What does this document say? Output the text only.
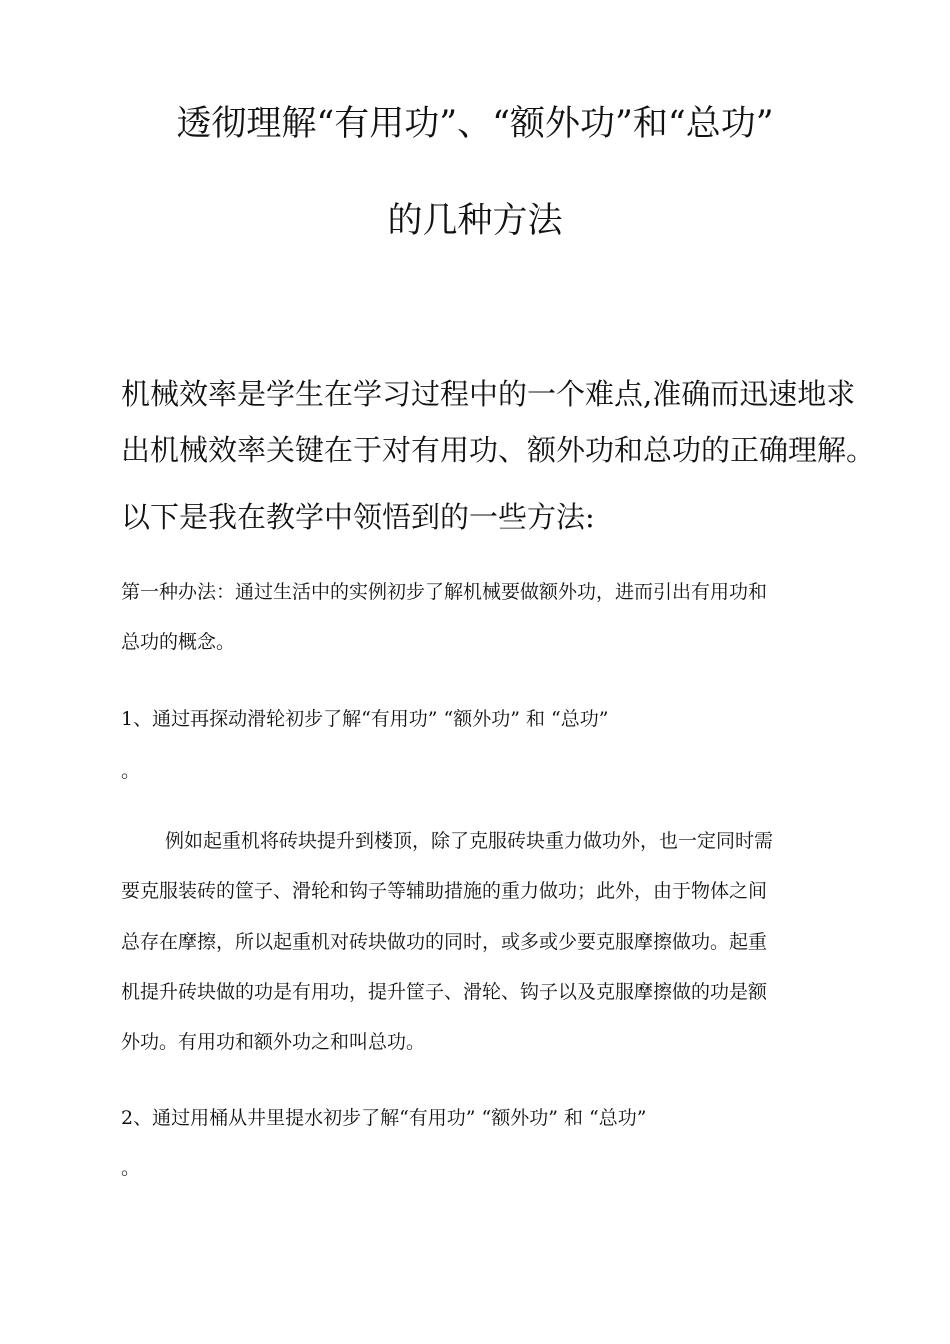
透彻理解“有用功”、“额外功”和“总功”
的几种方法
机械效率是学生在学习过程中的一个难点,准确而迅速地求
出机械效率关键在于对有用功、额外功和总功的正确理解。
以下是我在教学中领悟到的一些方法:
第一种办法：通过生活中的实例初步了解机械要做额外功，进而引出有用功和
总功的概念。
1、通过再探动滑轮初步了解“有用功” “额外功” 和 “总功”
。
例如起重机将砖块提升到楼顶，除了克服砖块重力做功外，也一定同时需
要克服装砖的筐子、滑轮和钩子等辅助措施的重力做功；此外，由于物体之间
总存在摩擦，所以起重机对砖块做功的同时，或多或少要克服摩擦做功。起重
机提升砖块做的功是有用功，提升筐子、滑轮、钩子以及克服摩擦做的功是额
外功。有用功和额外功之和叫总功。
2、通过用桶从井里提水初步了解“有用功” “额外功” 和 “总功”
。
